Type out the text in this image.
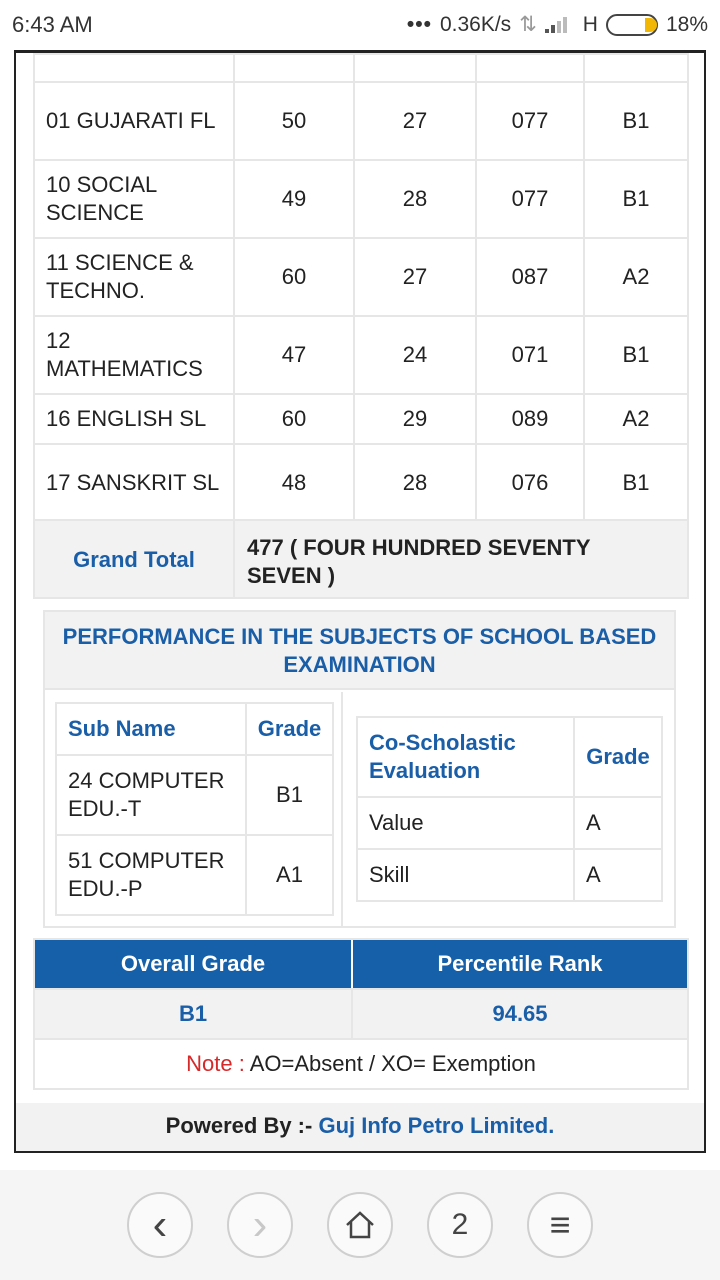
6:43 AM	••• 0.36K/s ⇅ H	18%

01 GUJARATI FL	50	27	077	B1
10 SOCIAL SCIENCE	49	28	077	B1
11 SCIENCE & TECHNO.	60	27	087	A2
12 MATHEMATICS	47	24	071	B1
16 ENGLISH SL	60	29	089	A2
17 SANSKRIT SL	48	28	076	B1
Grand Total	477 ( FOUR HUNDRED SEVENTY SEVEN )
PERFORMANCE IN THE SUBJECTS OF SCHOOL BASED EXAMINATION
Sub Name	Grade
24 COMPUTER EDU.-T	B1
51 COMPUTER EDU.-P	A1
Co-Scholastic Evaluation	Grade
Value	A
Skill	A
Overall Grade	Percentile Rank
B1	94.65
Note : AO=Absent / XO= Exemption
Powered By :- Guj Info Petro Limited.
‹ ›	2 ≡
